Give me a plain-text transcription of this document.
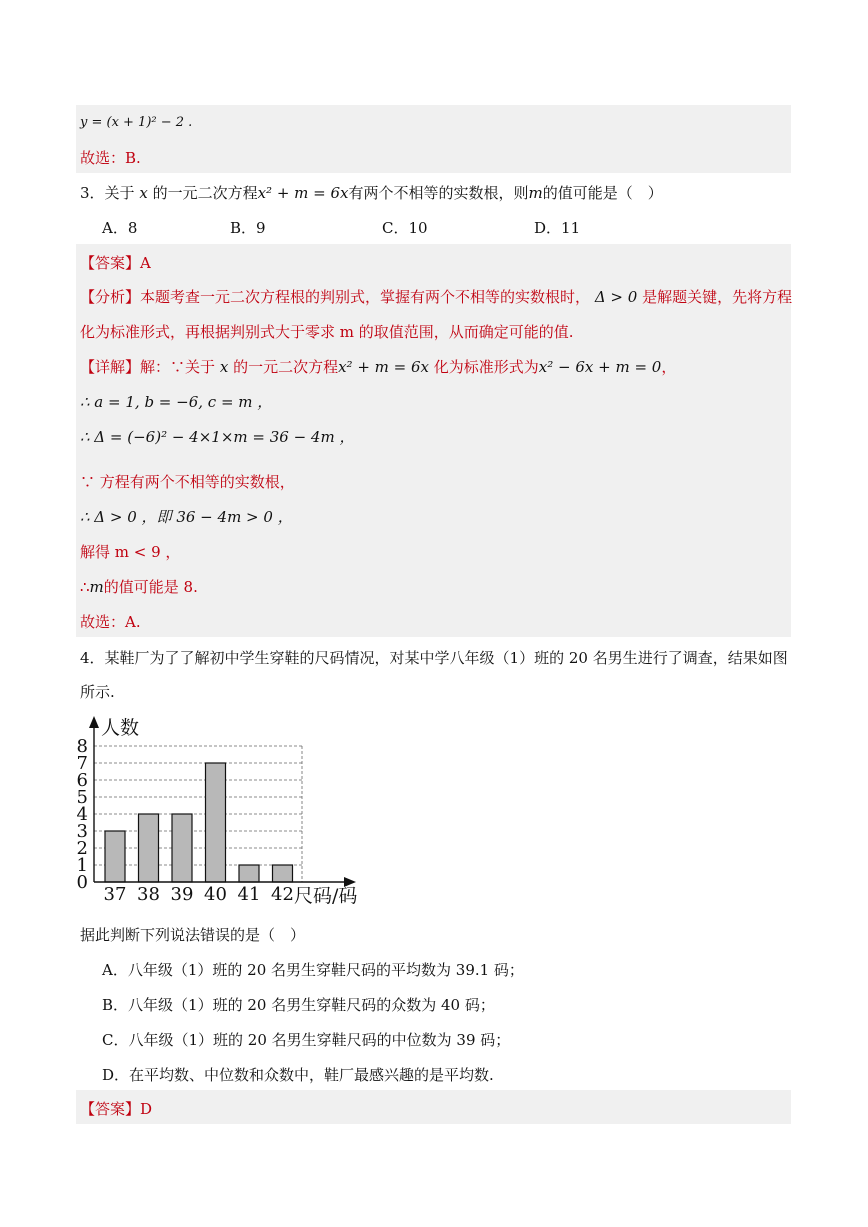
y = (x + 1)² − 2 .
故选：B.
3．关于 x 的一元二次方程x² + m = 6x有两个不相等的实数根，则m的值可能是（　）
A．8	B．9	C．10	D．11
【答案】A
【分析】本题考查一元二次方程根的判别式，掌握有两个不相等的实数根时， Δ > 0 是解题关键，先将方程
化为标准形式，再根据判别式大于零求 m 的取值范围，从而确定可能的值.
【详解】解：∵关于 x 的一元二次方程x² + m = 6x 化为标准形式为x² − 6x + m = 0，
∴ a = 1, b = −6, c = m ，
∴ Δ = (−6)² − 4×1×m = 36 − 4m ，
∵ 方程有两个不相等的实数根，
∴ Δ > 0 ，即 36 − 4m > 0 ，
解得 m < 9 ，
∴m的值可能是 8.
故选：A.
4．某鞋厂为了了解初中学生穿鞋的尺码情况，对某中学八年级（1）班的 20 名男生进行了调查，结果如图
所示.
0
1
2
3
4
5
6
7
8
37 38 39 40 41 42
人数
尺码/码
据此判断下列说法错误的是（　）
A．八年级（1）班的 20 名男生穿鞋尺码的平均数为 39.1 码；
B．八年级（1）班的 20 名男生穿鞋尺码的众数为 40 码；
C．八年级（1）班的 20 名男生穿鞋尺码的中位数为 39 码；
D．在平均数、中位数和众数中，鞋厂最感兴趣的是平均数.
【答案】D
